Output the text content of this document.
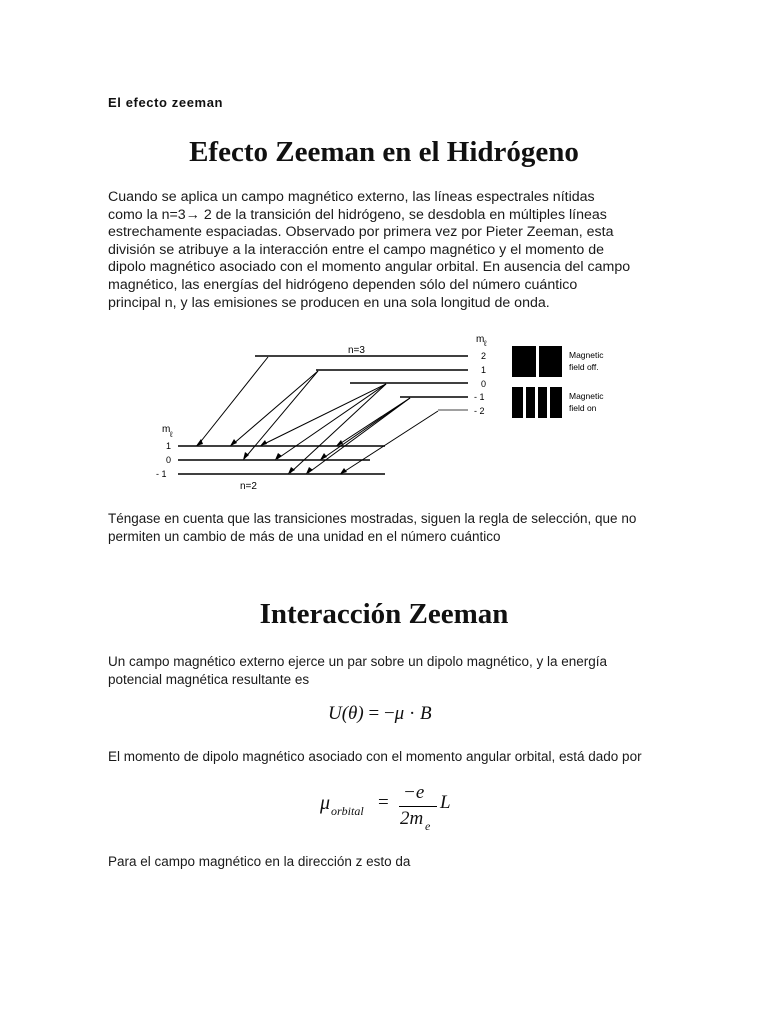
El efecto zeeman
Efecto Zeeman en el Hidrógeno
Cuando se aplica un campo magnético externo, las líneas espectrales nítidas
como la n=3→ 2 de la transición del hidrógeno, se desdobla en múltiples líneas
estrechamente espaciadas. Observado por primera vez por Pieter Zeeman, esta
división se atribuye a la interacción entre el campo magnético y el momento de
dipolo magnético asociado con el momento angular orbital. En ausencia del campo
magnético, las energías del hidrógeno dependen sólo del número cuántico
principal n, y las emisiones se producen en una sola longitud de onda.
n=3
n=2
m ℓ
2
1
0
- 1
- 2
m ℓ
1
0
- 1
Magnetic
field off.
Magnetic
field on
Téngase en cuenta que las transiciones mostradas, siguen la regla de selección, que no
permiten un cambio de más de una unidad en el número cuántico
Interacción Zeeman
Un campo magnético externo ejerce un par sobre un dipolo magnético, y la energía
potencial magnética resultante es
U(θ) = −μ · B
El momento de dipolo magnético asociado con el momento angular orbital, está dado por
μ orbital = −e
2m e
L
Para el campo magnético en la dirección z esto da
